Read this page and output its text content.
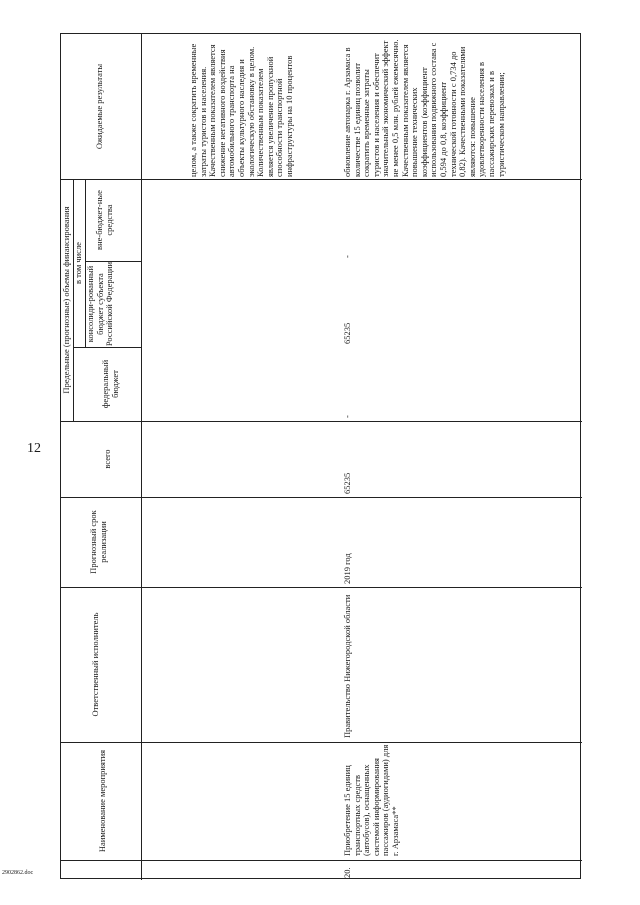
12
Ожидаемые результаты
Предельные (прогнозные) объемы финансирования в том числе
вне-бюджет-ные средства
консолиди-рованный бюджет субъекта Российской Федерации
федеральный бюджет
всего
Прогнозный срок реализации
Ответственный исполнитель
Наименование мероприятия
целом, а также сократить временные затраты туристов и населения. Качественным показателем является снижение негативного воздействия автомобильного транспорта на объекты культурного наследия и экологическую обстановку в целом. Количественным показателем является увеличение пропускной способности транспортной инфраструктуры на 10 процентов
20.
Приобретение 15 единиц транспортных средств (автобусов), оснащенных системой информирования пассажиров (аудиогидами) для г. Арзамаса**
Правительство Нижегородской области
2019 год
65235
-
65235
-
обновление автопарка г. Арзамаса в количестве 15 единиц позволит сократить временные затраты туристов и населения и обеспечит значительный экономический эффект не менее 0,5 млн. рублей ежемесячно. Качественным показателем является повышение технических коэффициентов (коэффициент использования подвижного состава с 0,594 до 0,8, коэффициент технической готовности с 0,734 до 0,82). Качественными показателями являются: повышение удовлетворенности населения в пассажирских перевозках и в туристическом направлении;
2902862.doc
